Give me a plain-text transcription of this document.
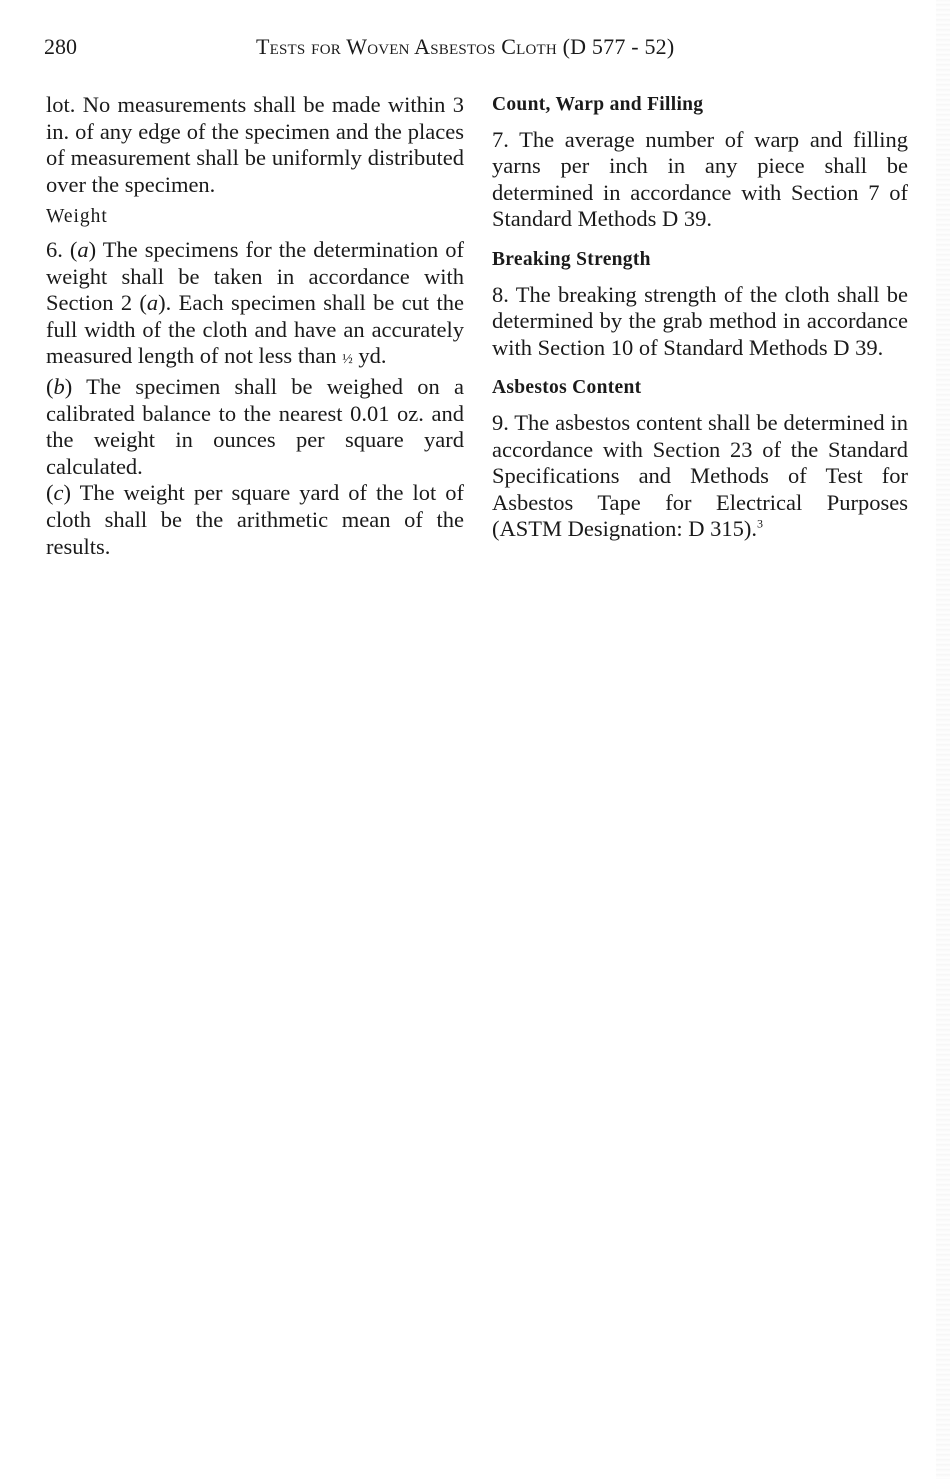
280	Tests for Woven Asbestos Cloth (D 577 - 52)

lot. No measurements shall be made within 3 in. of any edge of the specimen and the places of measurement shall be uniformly distributed over the specimen.

Weight

6. (a) The specimens for the determination of weight shall be taken in accordance with Section 2 (a). Each specimen shall be cut the full width of the cloth and have an accurately measured length of not less than ½ yd.

(b) The specimen shall be weighed on a calibrated balance to the nearest 0.01 oz. and the weight in ounces per square yard calculated.

(c) The weight per square yard of the lot of cloth shall be the arithmetic mean of the results.

Count, Warp and Filling

7. The average number of warp and filling yarns per inch in any piece shall be determined in accordance with Section 7 of Standard Methods D 39.

Breaking Strength

8. The breaking strength of the cloth shall be determined by the grab method in accordance with Section 10 of Standard Methods D 39.

Asbestos Content

9. The asbestos content shall be determined in accordance with Section 23 of the Standard Specifications and Methods of Test for Asbestos Tape for Electrical Purposes (ASTM Designation: D 315).$^3$
